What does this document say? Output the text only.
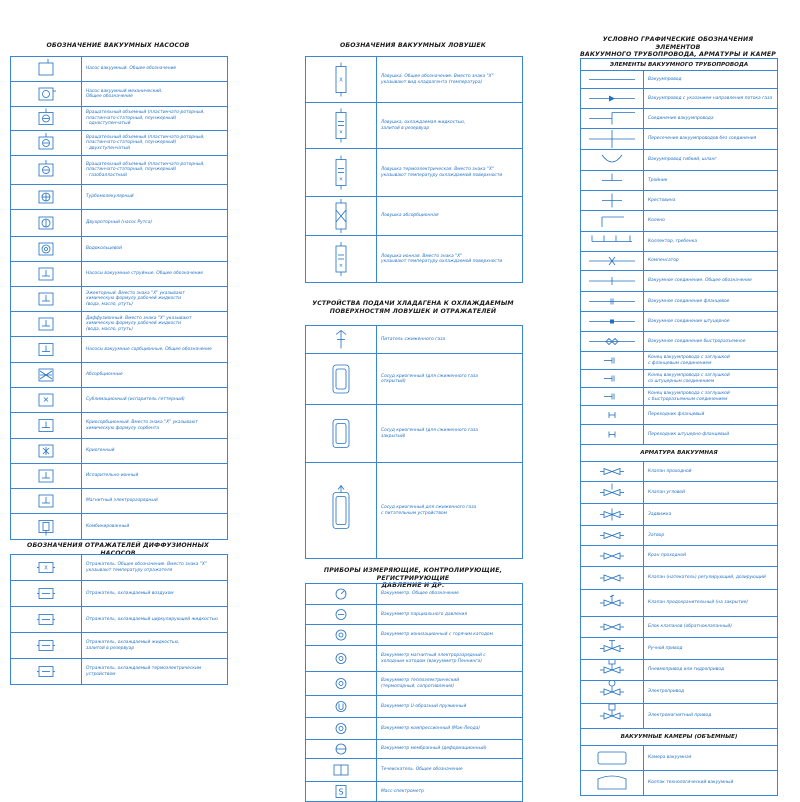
ОБОЗНАЧЕНИЕ ВАКУУМНЫХ НАСОСОВ
Насос вакуумный. Общее обозначение
Насос вакуумный механический.
Общее обозначение
Вращательный объемный (пластинчато-роторный,
пластинчато-статорный, плунжерный)
- одноступенчатый
Вращательный объемный (пластинчато-роторный,
пластинчато-статорный, плунжерный)
- двухступенчатый
Вращательный объемный (пластинчато-роторный,
пластинчато-статорный, плунжерный)
- газобалластный
Турбомолекулярный
Двухроторный (насос Рутса)
Водокольцевой
Насосы вакуумные струйные. Общее обозначение
Эжекторный. Вместо знака "X" указывают
химическую формулу рабочей жидкости
(вода, масло, ртуть)
Диффузионный. Вместо знака "X" указывают
химическую формулу рабочей жидкости
(вода, масло, ртуть)
Насосы вакуумные сорбционные. Общее обозначение
Абсорбционные
×	Сублимационный (испаритель геттерный)
Криосорбционный. Вместо знака "X" указывают
химическую формулу сорбента
Криогенный
Испарительно-ионный
Магнитный электроразрядный
Комбинированный
ОБОЗНАЧЕНИЯ ОТРАЖАТЕЛЕЙ ДИФФУЗИОННЫХ НАСОСОВ
X
Отражатель. Общее обозначение. Вместо знака "X"
указывают температуру отражателя
Отражатель, охлаждаемый воздухом
Отражатель, охлаждаемый циркулирующей жидкостью
Отражатель, охлаждаемый жидкостью,
залитой в резервуар
Отражатель, охлаждаемый термоэлектрическим
устройством
ОБОЗНАЧЕНИЯ ВАКУУМНЫХ ЛОВУШЕК
X
Ловушка. Общее обозначение. Вместо знака "X"
указывают вид хладоагента (температура)
×
Ловушка, охлаждаемая жидкостью,
залитой в резервуар
×
Ловушка термоэлектрическая. Вместо знака "X"
указывают температуру охлаждаемой поверхности
Ловушка абсорбционная
×
Ловушка ионная. Вместо знака "X"
указывают температуру охлаждаемой поверхности
УСТРОЙСТВА ПОДАЧИ ХЛАДАГЕНА К ОХЛАЖДАЕМЫМ
ПОВЕРХНОСТЯМ ЛОВУШЕК И ОТРАЖАТЕЛЕЙ
Питатель сжиженного газа
Сосуд криогенный (для сжиженного газа
открытый)
Сосуд криогенный (для сжиженного газа
закрытый)
Сосуд криогенный для сжиженного газа
с питательным устройством
ПРИБОРЫ ИЗМЕРЯЮЩИЕ, КОНТРОЛИРУЮЩИЕ, РЕГИСТРИРУЮЩИЕ
ДАВЛЕНИЕ И ДР.
Вакуумметр. Общее обозначение
Вакуумметр парциального давления
Вакуумметр ионизационный с горячим катодом
Вакуумметр магнитный электроразрядный с
холодным катодом (вакуумметр Пеннинга)
Вакуумметр теплоэлектрический
(термопарный, сопротивления)
Вакуумметр U-образный пружинный
Вакуумметр компрессионный (Мак-Леода)
Вакуумметр мембранный (деформационный)
Течеискатель. Общее обозначение
S	Масс-спектрометр
УСЛОВНО ГРАФИЧЕСКИЕ ОБОЗНАЧЕНИЯ ЭЛЕМЕНТОВ
ВАКУУМНОГО ТРУБОПРОВОДА, АРМАТУРЫ И КАМЕР
ЭЛЕМЕНТЫ ВАКУУМНОГО ТРУБОПРОВОДА
Вакуумпровод
Вакуумпровод с указанием направления потока газа
Соединение вакуумпровода
Пересечение вакуумпроводов без соединения
Вакуумпровод гибкий, шланг
Тройник
Крестовина
Колено
Коллектор, гребенка
Компенсатор
Вакуумное соединение. Общее обозначение
Вакуумное соединение фланцевое
Вакуумное соединение штуцерное
Вакуумное соединение быстроразъемное
Конец вакуумпровода с заглушкой
с фланцевым соединением
Конец вакуумпровода с заглушкой
со штуцерным соединением
Конец вакуумпровода с заглушкой
с быстроразъемным соединением
Переходник фланцевый
Переходник штуцерно-фланцевый
АРМАТУРА ВАКУУМНАЯ
Клапан проходной
Клапан угловой
Задвижка
Затвор
Кран проходной
Клапан (натекатель) регулирующий, дозирующий
Клапан предохранительный (на закрытие)
Блок клапанов (обратноклапанный)
Ручной привод
Пневмопривод или гидропривод
Электропривод
Электромагнитный привод
ВАКУУМНЫЕ КАМЕРЫ (ОБЪЕМНЫЕ)
Камера вакуумная
Колпак технологический вакуумный
